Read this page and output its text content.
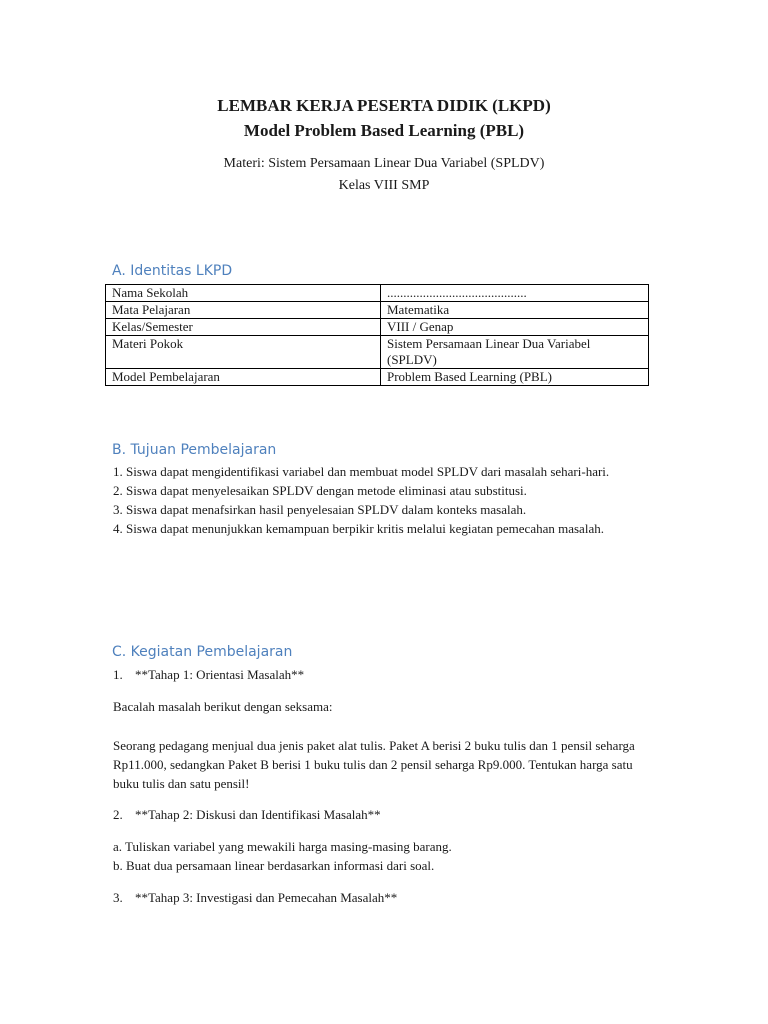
LEMBAR KERJA PESERTA DIDIK (LKPD)
Model Problem Based Learning (PBL)
Materi: Sistem Persamaan Linear Dua Variabel (SPLDV)
Kelas VIII SMP
A. Identitas LKPD
Nama Sekolah	...........................................
Mata Pelajaran	Matematika
Kelas/Semester	VIII / Genap
Materi Pokok	Sistem Persamaan Linear Dua Variabel (SPLDV)
Model Pembelajaran	Problem Based Learning (PBL)
B. Tujuan Pembelajaran
1. Siswa dapat mengidentifikasi variabel dan membuat model SPLDV dari masalah sehari-hari.
2. Siswa dapat menyelesaikan SPLDV dengan metode eliminasi atau substitusi.
3. Siswa dapat menafsirkan hasil penyelesaian SPLDV dalam konteks masalah.
4. Siswa dapat menunjukkan kemampuan berpikir kritis melalui kegiatan pemecahan masalah.
C. Kegiatan Pembelajaran
1. **Tahap 1: Orientasi Masalah**
Bacalah masalah berikut dengan seksama:
Seorang pedagang menjual dua jenis paket alat tulis. Paket A berisi 2 buku tulis dan 1 pensil seharga Rp11.000, sedangkan Paket B berisi 1 buku tulis dan 2 pensil seharga Rp9.000. Tentukan harga satu buku tulis dan satu pensil!
2. **Tahap 2: Diskusi dan Identifikasi Masalah**
a. Tuliskan variabel yang mewakili harga masing-masing barang.
b. Buat dua persamaan linear berdasarkan informasi dari soal.
3. **Tahap 3: Investigasi dan Pemecahan Masalah**
